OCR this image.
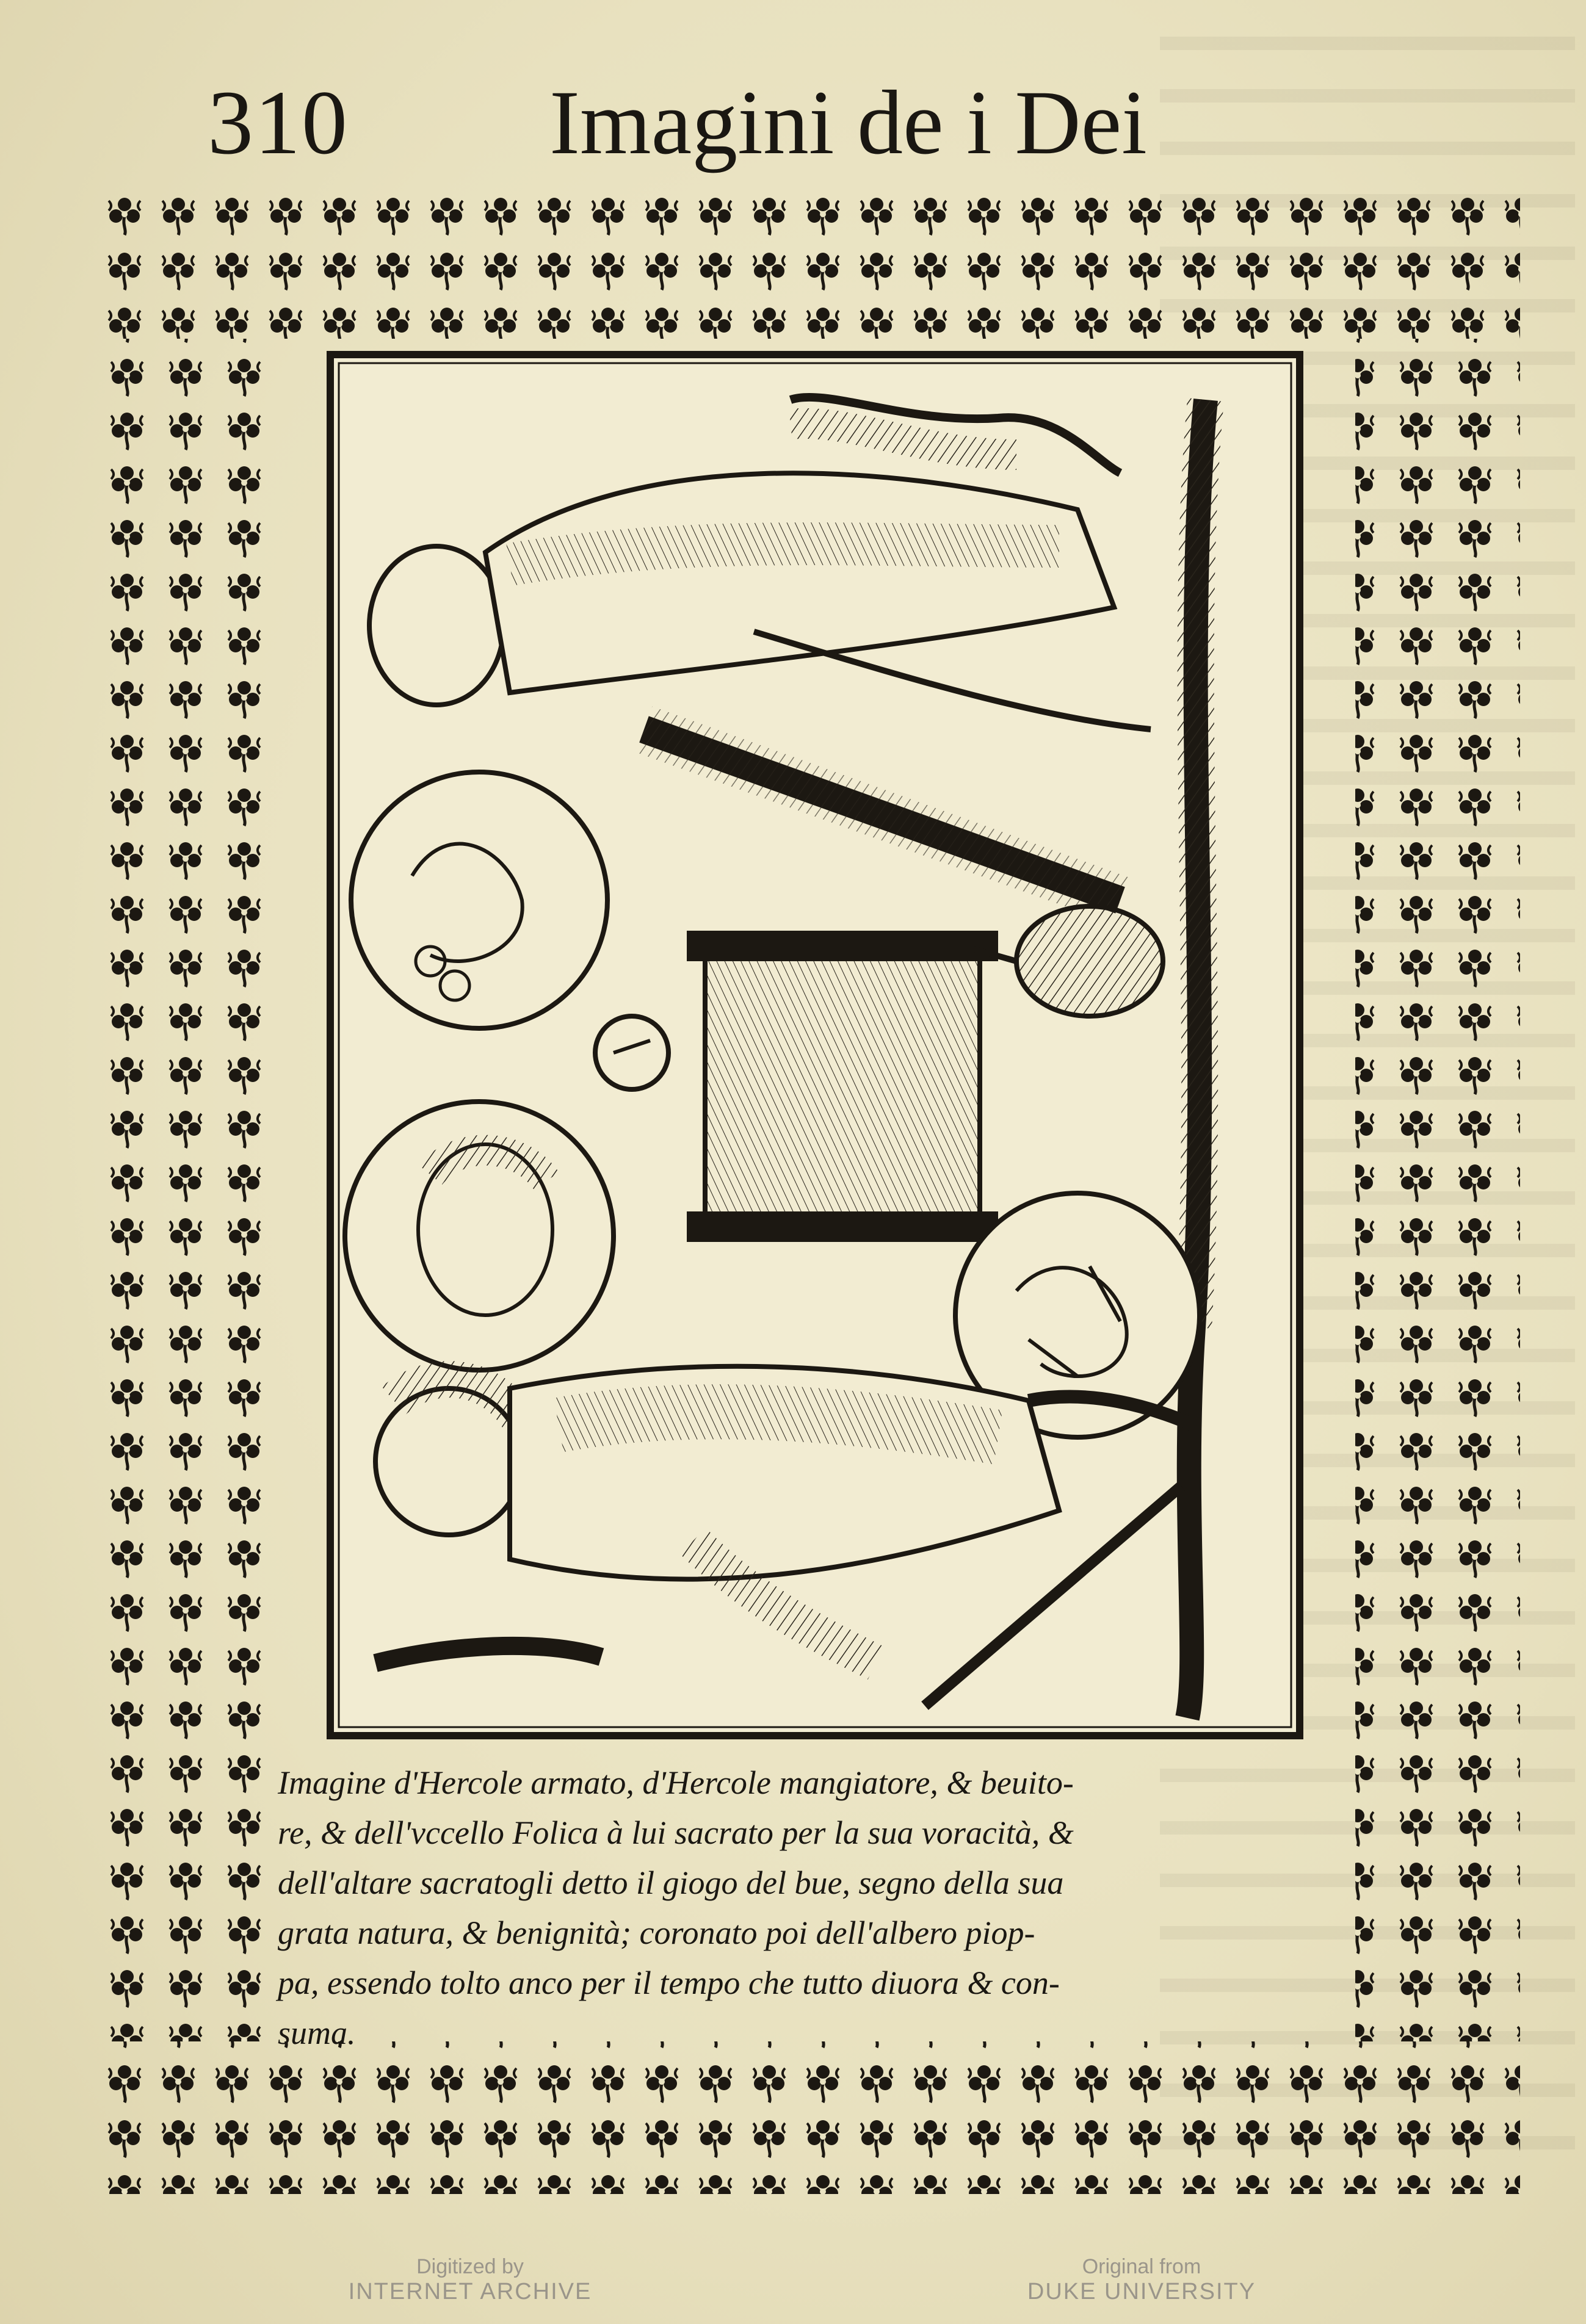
310 Imagini de i Dei
Imagine d'Hercole armato, d'Hercole mangiatore, & beuito-
re, & dell'vccello Folica à lui sacrato per la sua voracità, &
dell'altare sacratogli detto il giogo del bue, segno della sua
grata natura, & benignità; coronato poi dell'albero piop-
pa, essendo tolto anco per il tempo che tutto diuora & con-
suma.
Digitized by
INTERNET ARCHIVE
Original from
DUKE UNIVERSITY
